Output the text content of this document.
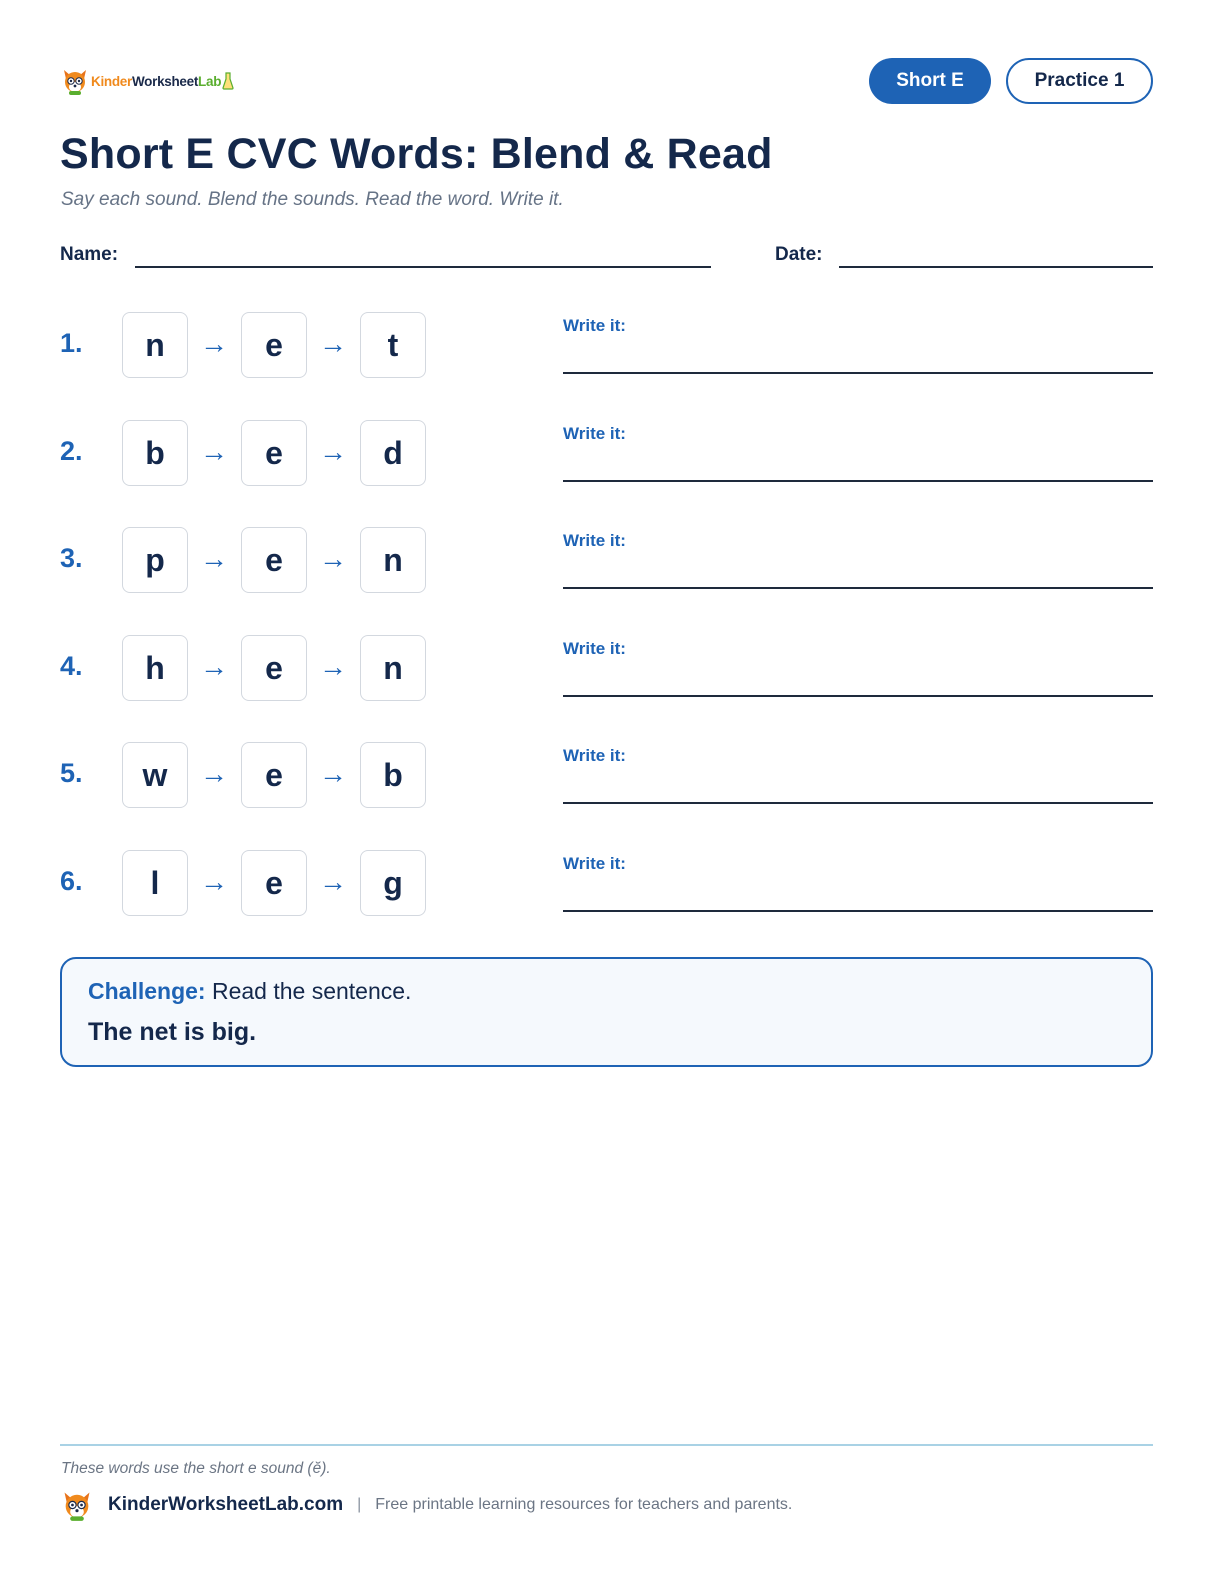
KinderWorksheetLab	Short E	Practice 1
Short E CVC Words: Blend & Read
Say each sound. Blend the sounds. Read the word. Write it.
Name:	Date:
1.	n	→	e	→	t
Write it:
2.	b	→	e	→	d
Write it:
3.	p	→	e	→	n
Write it:
4.	h	→	e	→	n
Write it:
5.	w	→	e	→	b
Write it:
6.	l	→	e	→	g
Write it:
Challenge: Read the sentence.
The net is big.
These words use the short e sound (ĕ).
KinderWorksheetLab.com | Free printable learning resources for teachers and parents.
